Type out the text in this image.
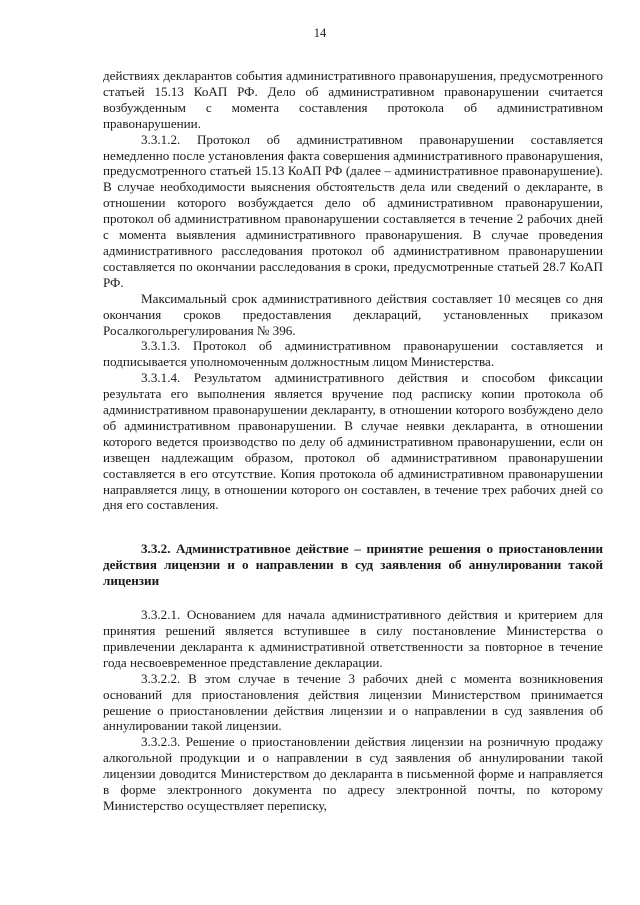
14

действиях декларантов события административного правонарушения, предусмотренного статьей 15.13 КоАП РФ. Дело об административном правонарушении считается возбужденным с момента составления протокола об административном правонарушении.

3.3.1.2. Протокол об административном правонарушении составляется немедленно после установления факта совершения административного правонарушения, предусмотренного статьей 15.13 КоАП РФ (далее – административное правонарушение). В случае необходимости выяснения обстоятельств дела или сведений о декларанте, в отношении которого возбуждается дело об административном правонарушении, протокол об административном правонарушении составляется в течение 2 рабочих дней с момента выявления административного правонарушения. В случае проведения административного расследования протокол об административном правонарушении составляется по окончании расследования в сроки, предусмотренные статьей 28.7 КоАП РФ.

Максимальный срок административного действия составляет 10 месяцев со дня окончания сроков предоставления деклараций, установленных приказом Росалкогольрегулирования № 396.

3.3.1.3. Протокол об административном правонарушении составляется и подписывается уполномоченным должностным лицом Министерства.

3.3.1.4. Результатом административного действия и способом фиксации результата его выполнения является вручение под расписку копии протокола об административном правонарушении декларанту, в отношении которого возбуждено дело об административном правонарушении. В случае неявки декларанта, в отношении которого ведется производство по делу об административном правонарушении, если он извещен надлежащим образом, протокол об административном правонарушении составляется в его отсутствие. Копия протокола об административном правонарушении направляется лицу, в отношении которого он составлен, в течение трех рабочих дней со дня его составления.

3.3.2. Административное действие – принятие решения о приостановлении действия лицензии и о направлении в суд заявления об аннулировании такой лицензии

3.3.2.1. Основанием для начала административного действия и критерием для принятия решений является вступившее в силу постановление Министерства о привлечении декларанта к административной ответственности за повторное в течение года несвоевременное представление декларации.

3.3.2.2. В этом случае в течение 3 рабочих дней с момента возникновения оснований для приостановления действия лицензии Министерством принимается решение о приостановлении действия лицензии и о направлении в суд заявления об аннулировании такой лицензии.

3.3.2.3. Решение о приостановлении действия лицензии на розничную продажу алкогольной продукции и о направлении в суд заявления об аннулировании такой лицензии доводится Министерством до декларанта в письменной форме и направляется в форме электронного документа по адресу электронной почты, по которому Министерство осуществляет переписку,
